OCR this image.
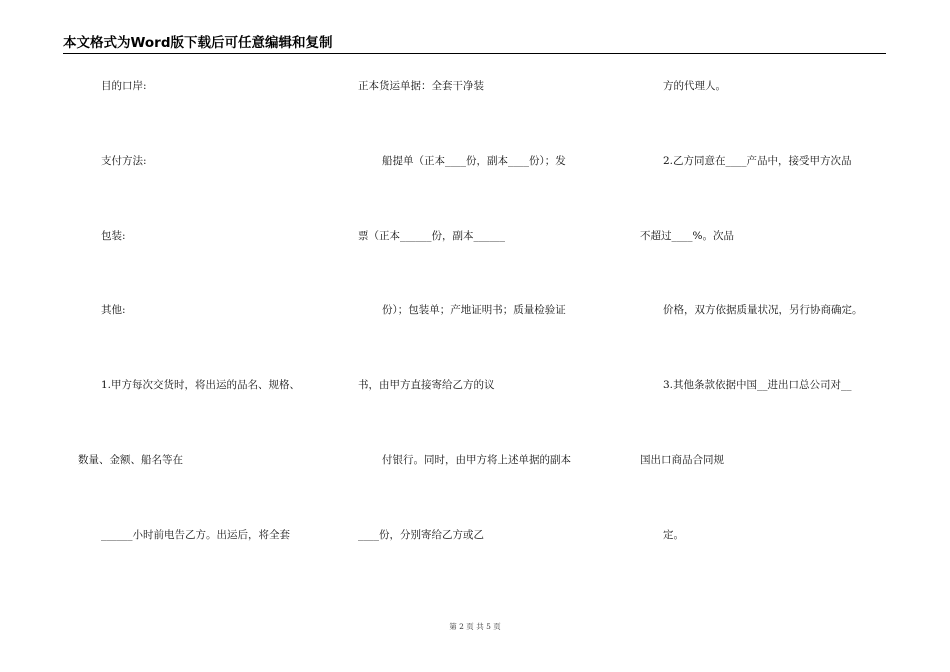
本文格式为Word版下载后可任意编辑和复制
目的口岸:
支付方法:
包装:
其他:
1.甲方每次交货时，将出运的品名、规格、
数量、金额、船名等在
______小时前电告乙方。出运后，将全套
正本货运单据：全套干净装
船提单（正本____份，副本____份）；发
票（正本______份，副本______
份）；包装单；产地证明书；质量检验证
书，由甲方直接寄给乙方的议
付银行。同时，由甲方将上述单据的副本
____份，分别寄给乙方或乙
方的代理人。
2.乙方同意在____产品中，接受甲方次品
不超过____%。次品
价格，双方依据质量状况，另行协商确定。
3.其他条款依据中国__进出口总公司对__
国出口商品合同规
定。
第 2 页 共 5 页
